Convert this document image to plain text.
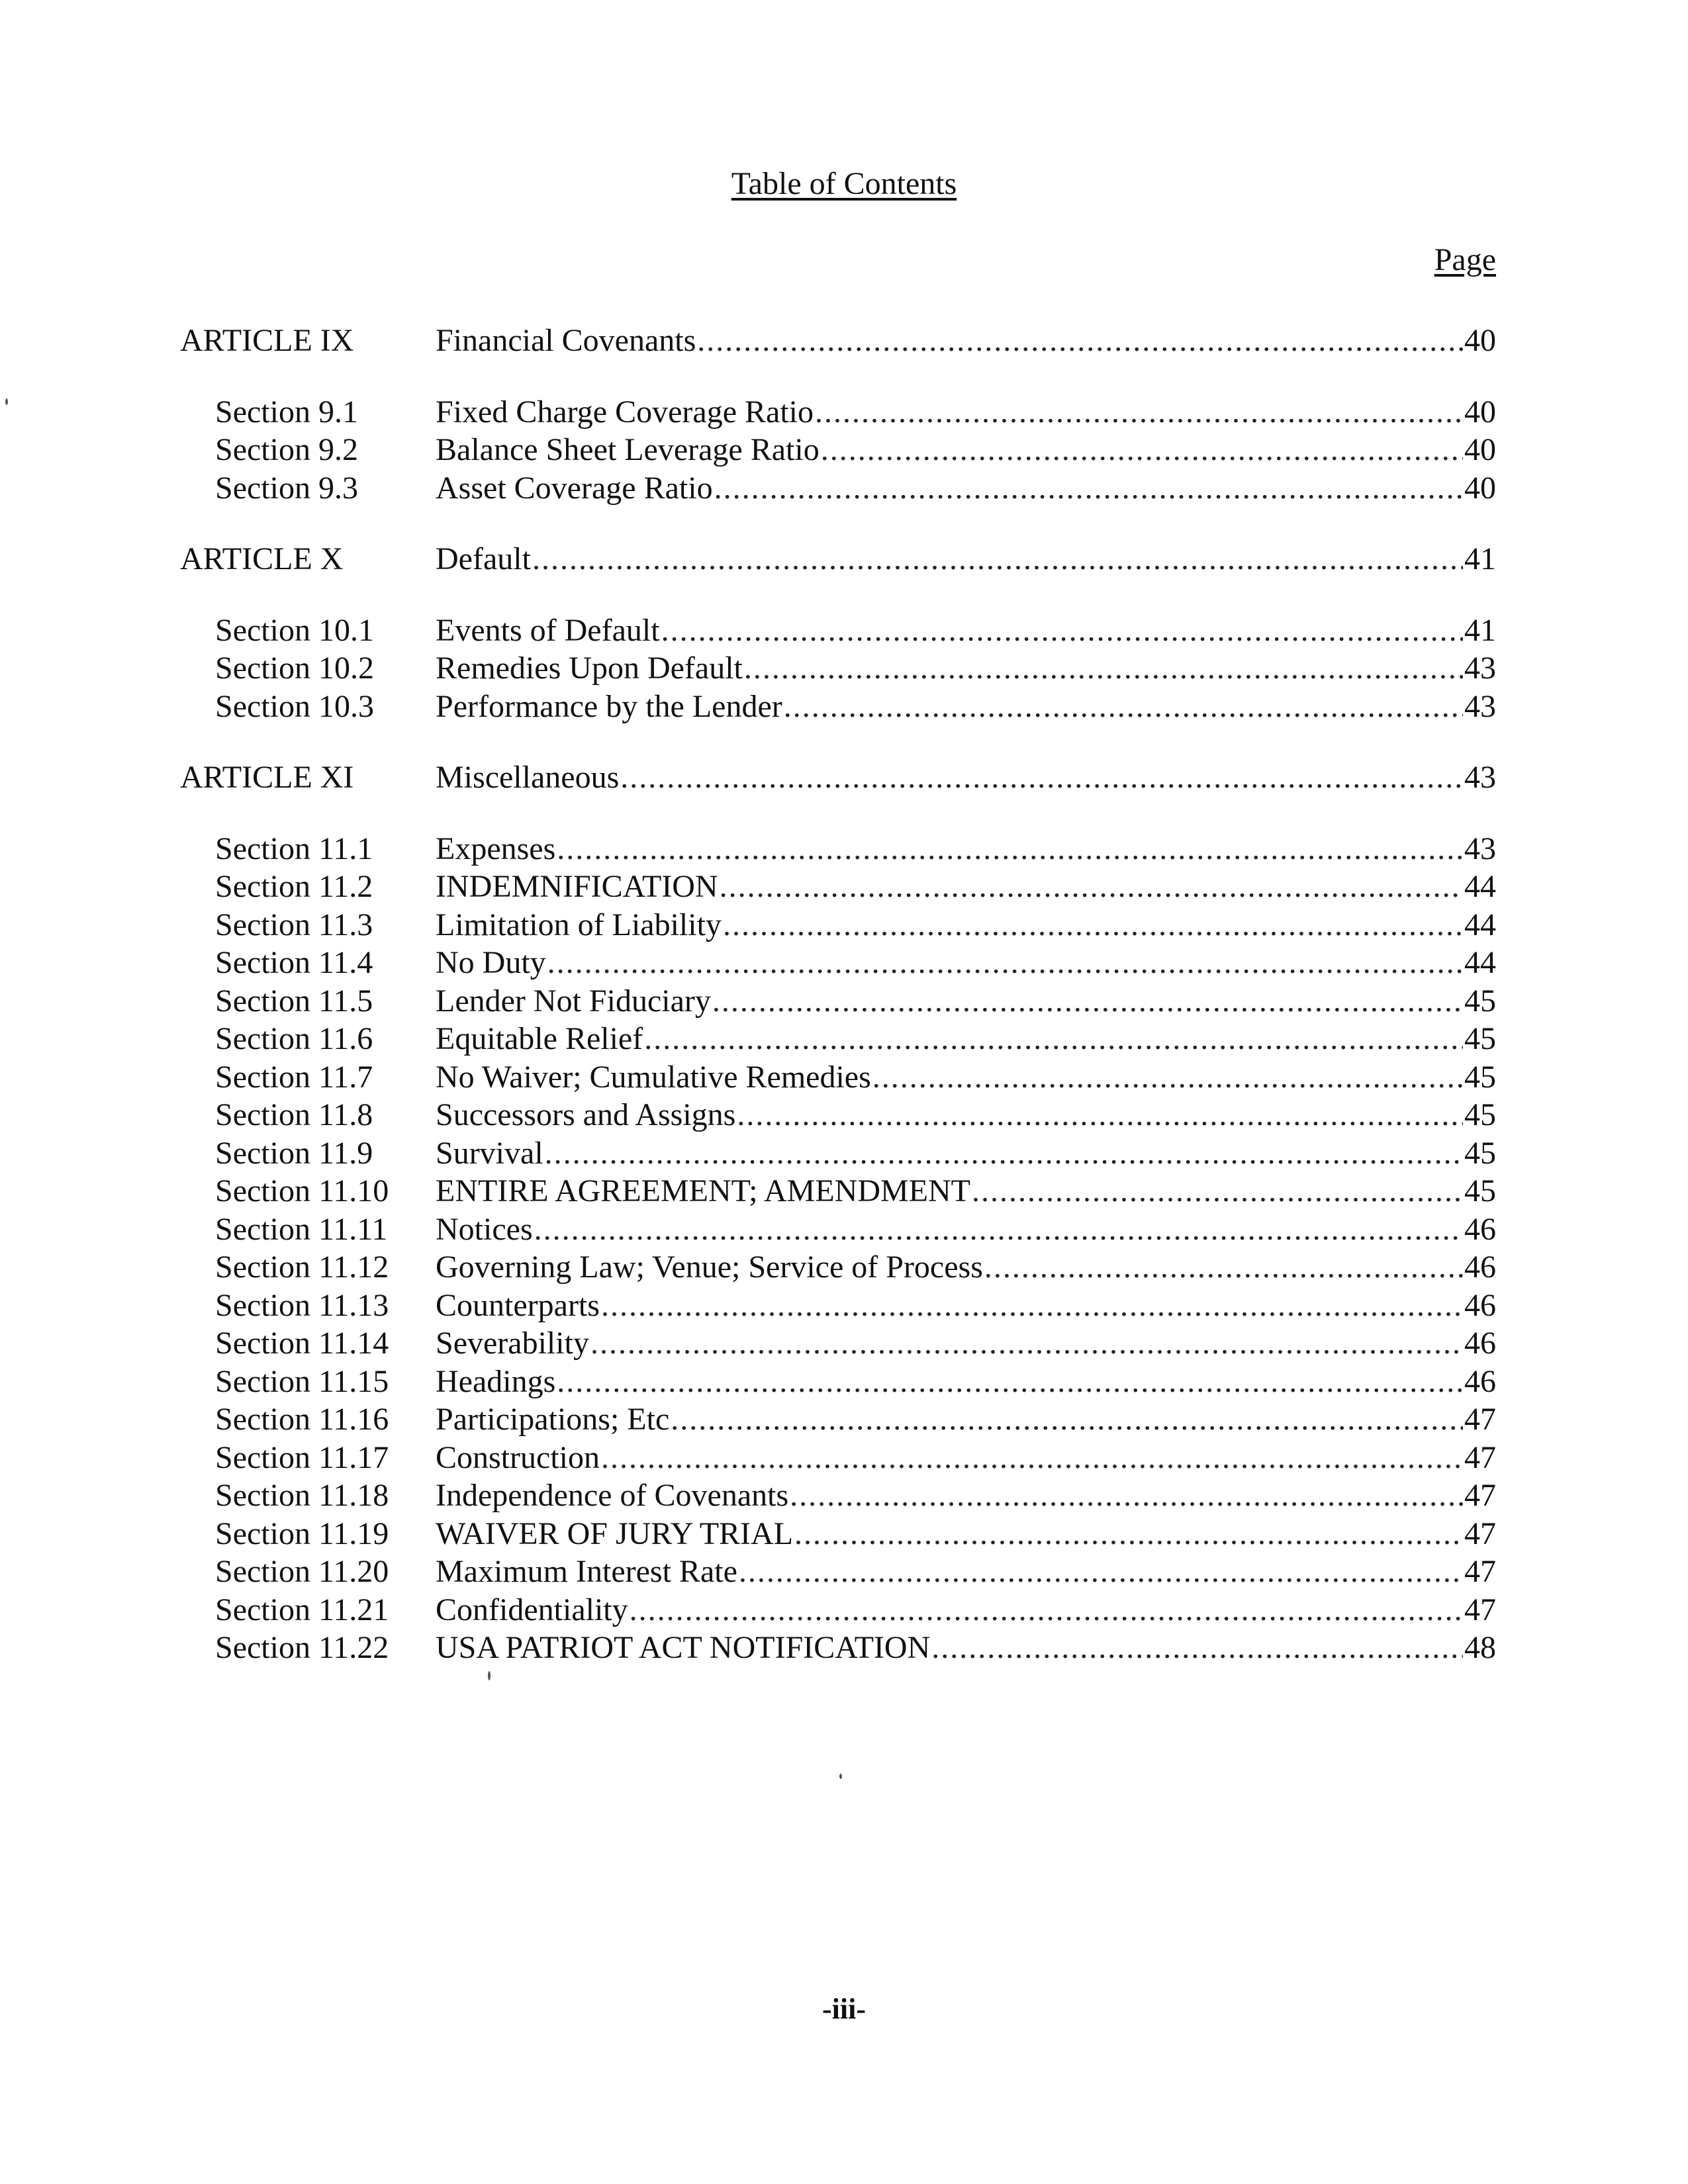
Table of Contents
Page
ARTICLE IX	Financial Covenants .....	40
Section 9.1 Fixed Charge Coverage Ratio .....	40
Section 9.2 Balance Sheet Leverage Ratio .....	40
Section 9.3 Asset Coverage Ratio .....	40
ARTICLE X	Default .....	41
Section 10.1 Events of Default .....	41
Section 10.2 Remedies Upon Default .....	43
Section 10.3 Performance by the Lender .....	43
ARTICLE XI	Miscellaneous .....	43
Section 11.1 Expenses .....	43
Section 11.2 INDEMNIFICATION .....	44
Section 11.3 Limitation of Liability .....	44
Section 11.4 No Duty .....	44
Section 11.5 Lender Not Fiduciary .....	45
Section 11.6 Equitable Relief .....	45
Section 11.7 No Waiver; Cumulative Remedies .....	45
Section 11.8 Successors and Assigns .....	45
Section 11.9 Survival .....	45
Section 11.10 ENTIRE AGREEMENT; AMENDMENT .....	45
Section 11.11 Notices .....	46
Section 11.12 Governing Law; Venue; Service of Process .....	46
Section 11.13 Counterparts .....	46
Section 11.14 Severability .....	46
Section 11.15 Headings .....	46
Section 11.16 Participations; Etc .....	47
Section 11.17 Construction .....	47
Section 11.18 Independence of Covenants .....	47
Section 11.19 WAIVER OF JURY TRIAL .....	47
Section 11.20 Maximum Interest Rate .....	47
Section 11.21 Confidentiality .....	47
Section 11.22 USA PATRIOT ACT NOTIFICATION .....	48
-iii-
